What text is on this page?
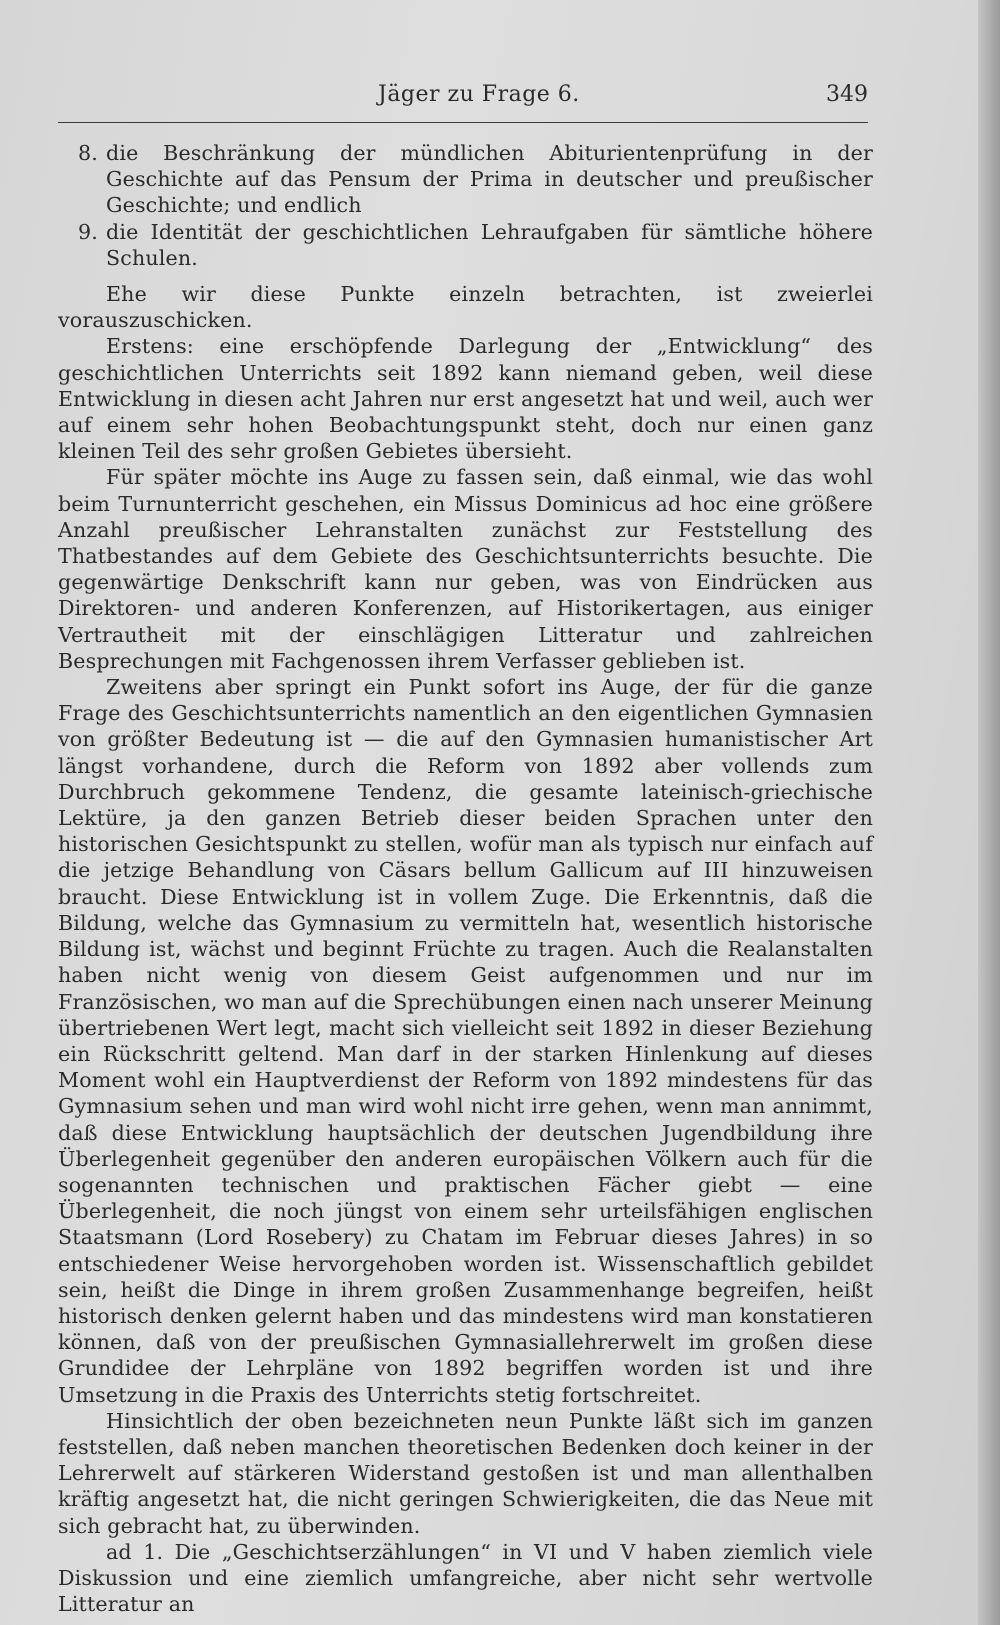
Jäger zu Frage 6.	349
8. die Beschränkung der mündlichen Abiturientenprüfung in der Geschichte auf das Pensum der Prima in deutscher und preußischer Geschichte; und endlich
9. die Identität der geschichtlichen Lehraufgaben für sämtliche höhere Schulen.

Ehe wir diese Punkte einzeln betrachten, ist zweierlei vorauszuschicken.

Erstens: eine erschöpfende Darlegung der „Entwicklung“ des geschichtlichen Unterrichts seit 1892 kann niemand geben, weil diese Entwicklung in diesen acht Jahren nur erst angesetzt hat und weil, auch wer auf einem sehr hohen Beobachtungspunkt steht, doch nur einen ganz kleinen Teil des sehr großen Gebietes übersieht.

Für später möchte ins Auge zu fassen sein, daß einmal, wie das wohl beim Turnunterricht geschehen, ein Missus Dominicus ad hoc eine größere Anzahl preußischer Lehranstalten zunächst zur Feststellung des Thatbestandes auf dem Gebiete des Geschichtsunterrichts besuchte. Die gegenwärtige Denkschrift kann nur geben, was von Eindrücken aus Direktoren- und anderen Konferenzen, auf Historikertagen, aus einiger Vertrautheit mit der einschlägigen Litteratur und zahlreichen Besprechungen mit Fachgenossen ihrem Verfasser geblieben ist.

Zweitens aber springt ein Punkt sofort ins Auge, der für die ganze Frage des Geschichtsunterrichts namentlich an den eigentlichen Gymnasien von größter Bedeutung ist — die auf den Gymnasien humanistischer Art längst vorhandene, durch die Reform von 1892 aber vollends zum Durchbruch gekommene Tendenz, die gesamte lateinisch-griechische Lektüre, ja den ganzen Betrieb dieser beiden Sprachen unter den historischen Gesichtspunkt zu stellen, wofür man als typisch nur einfach auf die jetzige Behandlung von Cäsars bellum Gallicum auf III hinzuweisen braucht. Diese Entwicklung ist in vollem Zuge. Die Erkenntnis, daß die Bildung, welche das Gymnasium zu vermitteln hat, wesentlich historische Bildung ist, wächst und beginnt Früchte zu tragen. Auch die Realanstalten haben nicht wenig von diesem Geist aufgenommen und nur im Französischen, wo man auf die Sprechübungen einen nach unserer Meinung übertriebenen Wert legt, macht sich vielleicht seit 1892 in dieser Beziehung ein Rückschritt geltend. Man darf in der starken Hinlenkung auf dieses Moment wohl ein Hauptverdienst der Reform von 1892 mindestens für das Gymnasium sehen und man wird wohl nicht irre gehen, wenn man annimmt, daß diese Entwicklung hauptsächlich der deutschen Jugendbildung ihre Überlegenheit gegenüber den anderen europäischen Völkern auch für die sogenannten technischen und praktischen Fächer giebt — eine Überlegenheit, die noch jüngst von einem sehr urteilsfähigen englischen Staatsmann (Lord Rosebery) zu Chatam im Februar dieses Jahres) in so entschiedener Weise hervorgehoben worden ist. Wissenschaftlich gebildet sein, heißt die Dinge in ihrem großen Zusammenhange begreifen, heißt historisch denken gelernt haben und das mindestens wird man konstatieren können, daß von der preußischen Gymnasiallehrerwelt im großen diese Grundidee der Lehrpläne von 1892 begriffen worden ist und ihre Umsetzung in die Praxis des Unterrichts stetig fortschreitet.

Hinsichtlich der oben bezeichneten neun Punkte läßt sich im ganzen feststellen, daß neben manchen theoretischen Bedenken doch keiner in der Lehrerwelt auf stärkeren Widerstand gestoßen ist und man allenthalben kräftig angesetzt hat, die nicht geringen Schwierigkeiten, die das Neue mit sich gebracht hat, zu überwinden.

ad 1. Die „Geschichtserzählungen“ in VI und V haben ziemlich viele Diskussion und eine ziemlich umfangreiche, aber nicht sehr wertvolle Litteratur an
